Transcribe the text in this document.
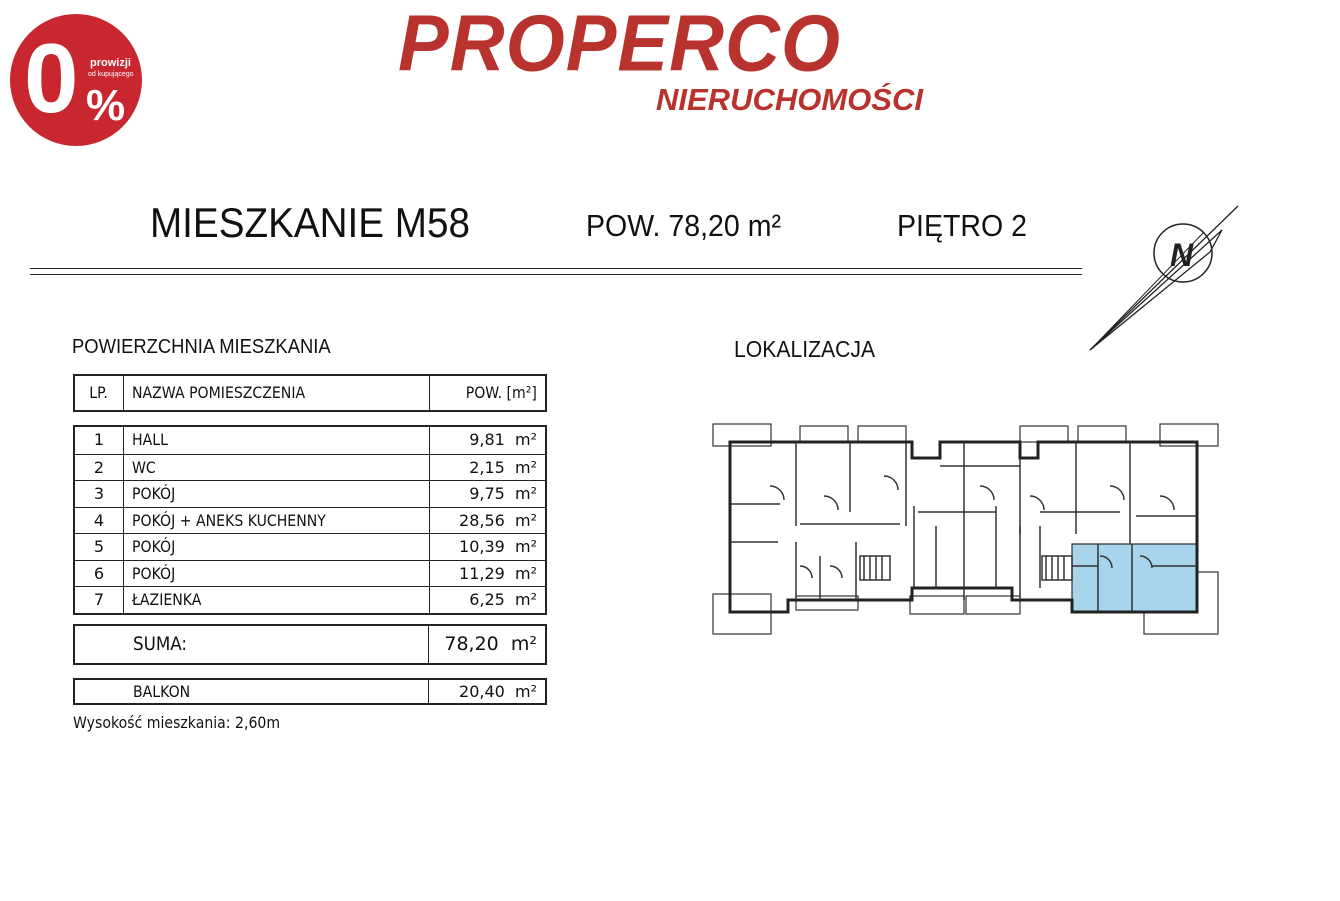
0 prowizji
od kupującego
%
PROPERCO
NIERUCHOMOŚCI
MIESZKANIE M58	POW. 78,20 m²	PIĘTRO 2
N
POWIERZCHNIA MIESZKANIA	LOKALIZACJA
LP.	NAZWA POMIESZCZENIA	POW. [m²]
1	HALL	9,81 m²
2	WC	2,15 m²
3	POKÓJ	9,75 m²
4	POKÓJ + ANEKS KUCHENNY	28,56 m²
5	POKÓJ	10,39 m²
6	POKÓJ	11,29 m²
7	ŁAZIENKA	6,25 m²
SUMA:	78,20 m²
BALKON	20,40 m²
Wysokość mieszkania: 2,60m
